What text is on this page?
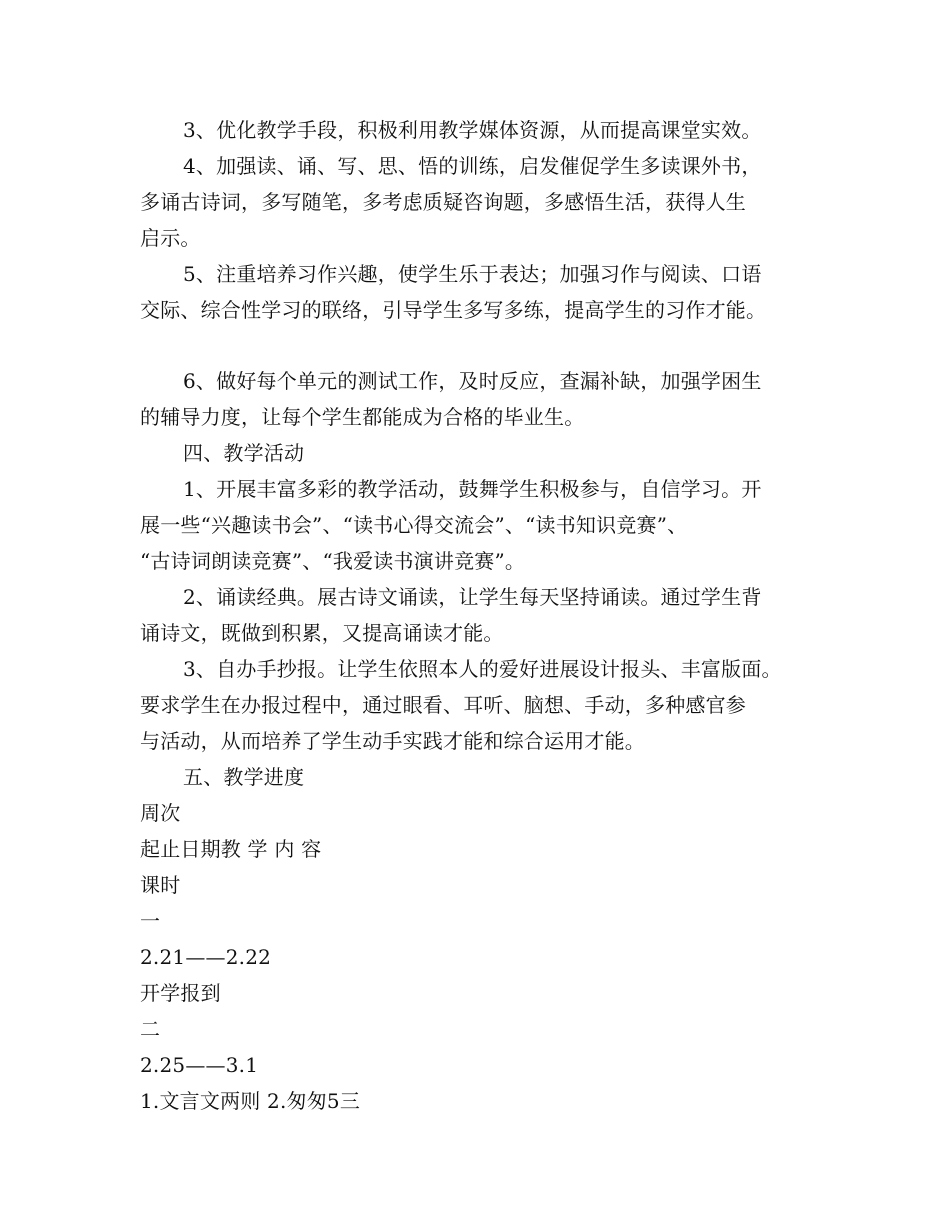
3、优化教学手段，积极利用教学媒体资源，从而提高课堂实效。
4、加强读、诵、写、思、悟的训练，启发催促学生多读课外书，
多诵古诗词，多写随笔，多考虑质疑咨询题，多感悟生活，获得人生
启示。
5、注重培养习作兴趣，使学生乐于表达；加强习作与阅读、口语
交际、综合性学习的联络，引导学生多写多练，提高学生的习作才能。
6、做好每个单元的测试工作，及时反应，查漏补缺，加强学困生
的辅导力度，让每个学生都能成为合格的毕业生。
四、教学活动
1、开展丰富多彩的教学活动，鼓舞学生积极参与，自信学习。开
展一些“兴趣读书会”、“读书心得交流会”、“读书知识竞赛”、
“古诗词朗读竞赛”、“我爱读书演讲竞赛”。
2、诵读经典。展古诗文诵读，让学生每天坚持诵读。通过学生背
诵诗文，既做到积累，又提高诵读才能。
3、自办手抄报。让学生依照本人的爱好进展设计报头、丰富版面。
要求学生在办报过程中，通过眼看、耳听、脑想、手动，多种感官参
与活动，从而培养了学生动手实践才能和综合运用才能。
五、教学进度
周次
起止日期教 学 内 容
课时
一
2.21——2.22
开学报到
二
2.25——3.1
1.文言文两则 2.匆匆5三
